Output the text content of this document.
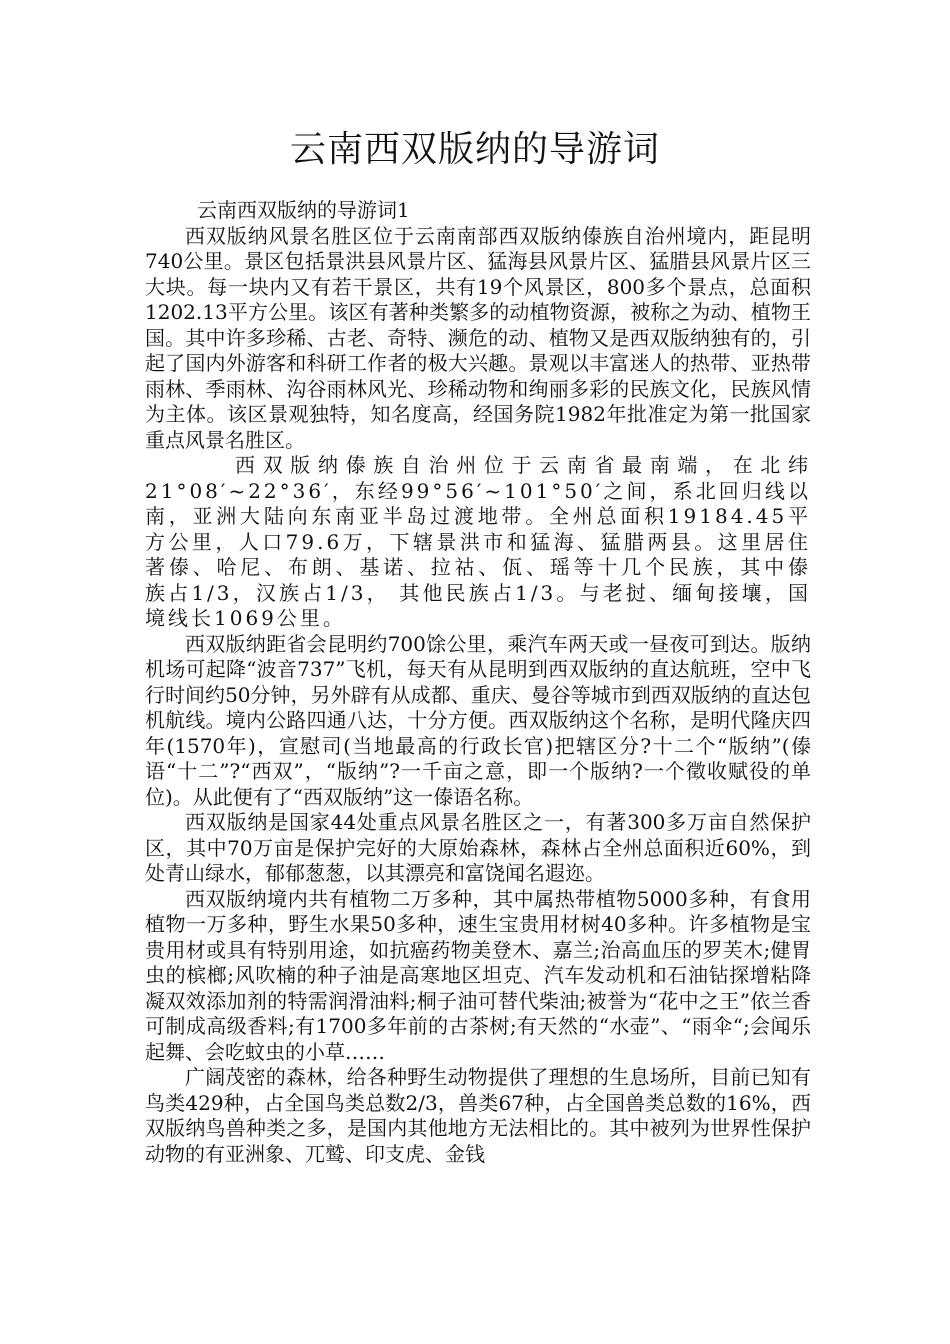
云南西双版纳的导游词

云南西双版纳的导游词1

西双版纳风景名胜区位于云南南部西双版纳傣族自治州境内，距昆明740公里。景区包括景洪县风景片区、猛海县风景片区、猛腊县风景片区三大块。每一块内又有若干景区，共有19个风景区，800多个景点，总面积1202.13平方公里。该区有著种类繁多的动植物资源，被称之为动、植物王国。其中许多珍稀、古老、奇特、濒危的动、植物又是西双版纳独有的，引起了国内外游客和科研工作者的极大兴趣。景观以丰富迷人的热带、亚热带雨林、季雨林、沟谷雨林风光、珍稀动物和绚丽多彩的民族文化，民族风情为主体。该区景观独特，知名度高，经国务院1982年批准定为第一批国家重点风景名胜区。

西双版纳傣族自治州位于云南省最南端，在北纬21°08′~22°36′，东经99°56′~101°50′之间，系北回归线以南，亚洲大陆向东南亚半岛过渡地带。全州总面积19184.45平方公里，人口79.6万，下辖景洪市和猛海、猛腊两县。这里居住著傣、哈尼、布朗、基诺、拉祜、佤、瑶等十几个民族，其中傣族占1/3，汉族占1/3， 其他民族占1/3。与老挝、缅甸接壤，国境线长1069公里。

西双版纳距省会昆明约700馀公里，乘汽车两天或一昼夜可到达。版纳机场可起降“波音737”飞机，每天有从昆明到西双版纳的直达航班，空中飞行时间约50分钟，另外辟有从成都、重庆、曼谷等城市到西双版纳的直达包机航线。境内公路四通八达，十分方便。西双版纳这个名称，是明代隆庆四年(1570年)，宣慰司(当地最高的行政长官)把辖区分?十二个“版纳”(傣语“十二”?“西双”，“版纳”?一千亩之意，即一个版纳?一个徵收赋役的单位)。从此便有了“西双版纳”这一傣语名称。

西双版纳是国家44处重点风景名胜区之一，有著300多万亩自然保护区，其中70万亩是保护完好的大原始森林，森林占全州总面积近60%，到处青山绿水，郁郁葱葱，以其漂亮和富饶闻名遐迩。

西双版纳境内共有植物二万多种，其中属热带植物5000多种，有食用植物一万多种，野生水果50多种，速生宝贵用材树40多种。许多植物是宝贵用材或具有特别用途，如抗癌药物美登木、嘉兰;治高血压的罗芙木;健胃虫的槟榔;风吹楠的种子油是高寒地区坦克、汽车发动机和石油钻探增粘降凝双效添加剂的特需润滑油料;桐子油可替代柴油;被誉为“花中之王”依兰香可制成高级香料;有1700多年前的古茶树;有天然的“水壶”、“雨伞“;会闻乐起舞、会吃蚊虫的小草……

广阔茂密的森林，给各种野生动物提供了理想的生息场所，目前已知有鸟类429种，占全国鸟类总数2/3，兽类67种，占全国兽类总数的16%，西双版纳鸟兽种类之多，是国内其他地方无法相比的。其中被列为世界性保护动物的有亚洲象、兀鹫、印支虎、金钱
